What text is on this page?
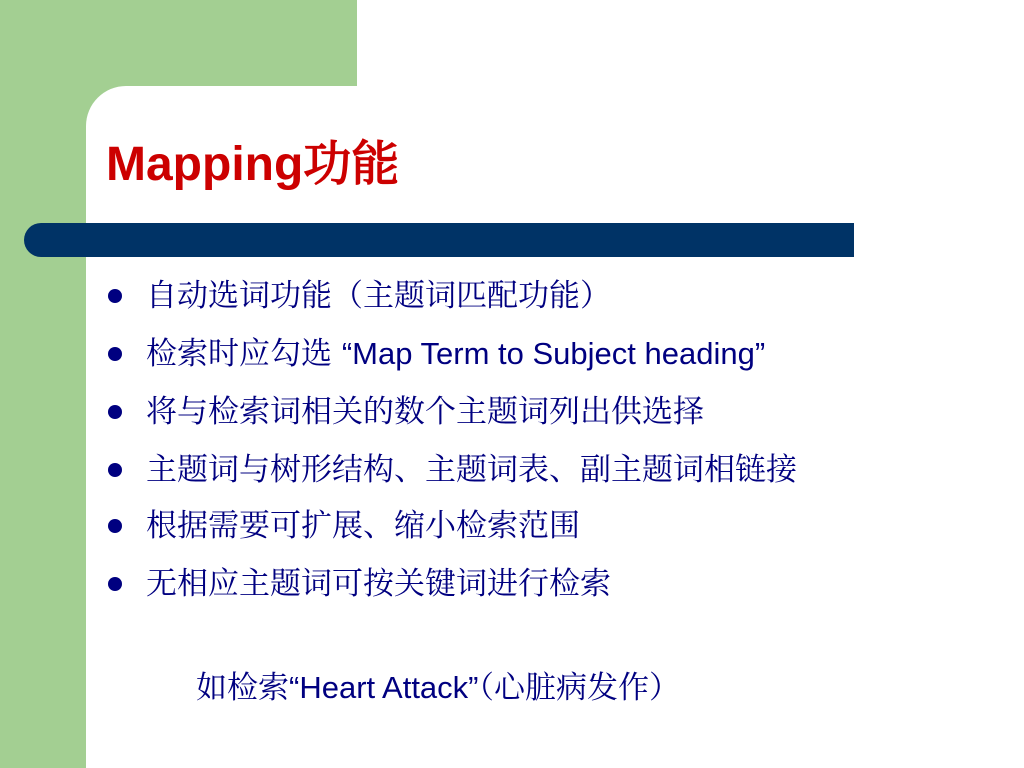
Mapping功能
自动选词功能（主题词匹配功能）
检索时应勾选 “Map Term to Subject heading”
将与检索词相关的数个主题词列出供选择
主题词与树形结构、主题词表、副主题词相链接
根据需要可扩展、缩小检索范围
无相应主题词可按关键词进行检索

如检索“Heart Attack”（心脏病发作）
